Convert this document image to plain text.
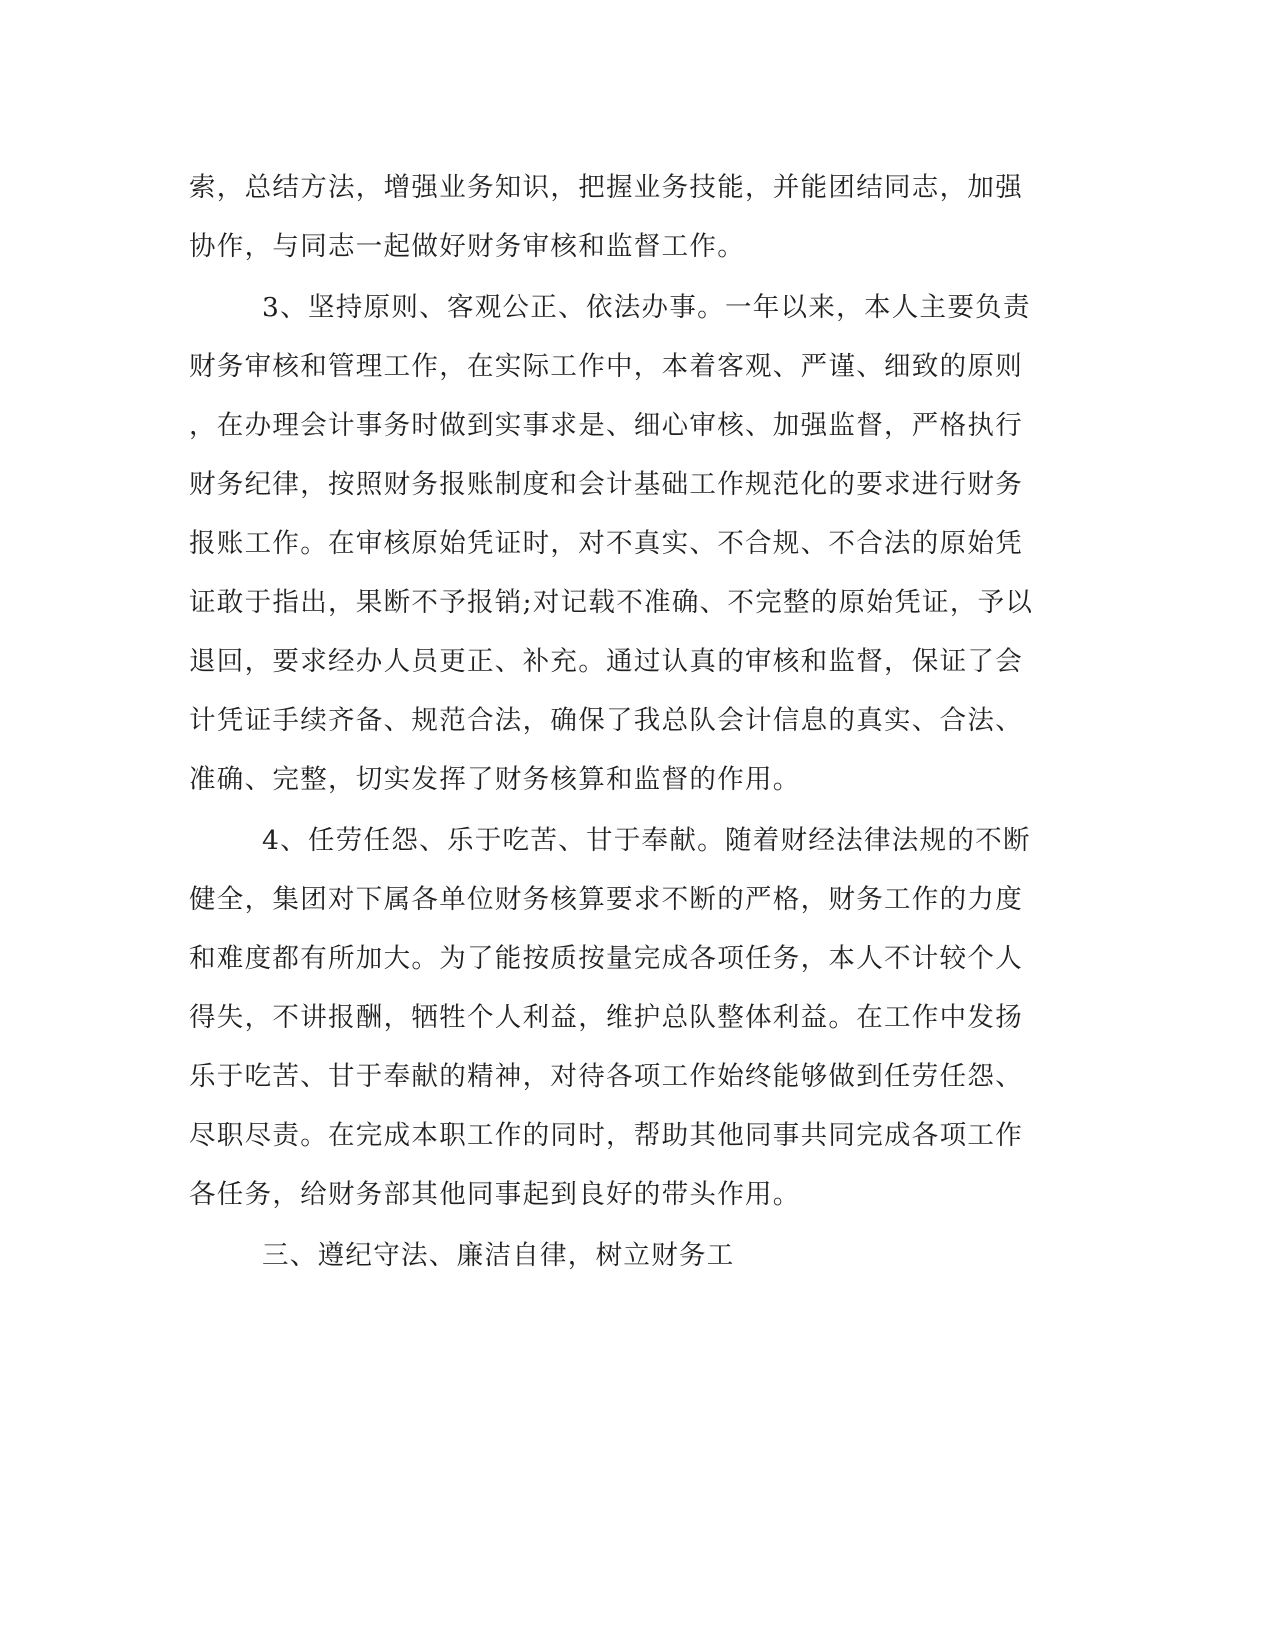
索，总结方法，增强业务知识，把握业务技能，并能团结同志，加强
协作，与同志一起做好财务审核和监督工作。
3、坚持原则、客观公正、依法办事。一年以来，本人主要负责
财务审核和管理工作，在实际工作中，本着客观、严谨、细致的原则
，在办理会计事务时做到实事求是、细心审核、加强监督，严格执行
财务纪律，按照财务报账制度和会计基础工作规范化的要求进行财务
报账工作。在审核原始凭证时，对不真实、不合规、不合法的原始凭
证敢于指出，果断不予报销;对记载不准确、不完整的原始凭证，予以
退回，要求经办人员更正、补充。通过认真的审核和监督，保证了会
计凭证手续齐备、规范合法，确保了我总队会计信息的真实、合法、
准确、完整，切实发挥了财务核算和监督的作用。
4、任劳任怨、乐于吃苦、甘于奉献。随着财经法律法规的不断
健全，集团对下属各单位财务核算要求不断的严格，财务工作的力度
和难度都有所加大。为了能按质按量完成各项任务，本人不计较个人
得失，不讲报酬，牺牲个人利益，维护总队整体利益。在工作中发扬
乐于吃苦、甘于奉献的精神，对待各项工作始终能够做到任劳任怨、
尽职尽责。在完成本职工作的同时，帮助其他同事共同完成各项工作
各任务，给财务部其他同事起到良好的带头作用。
三、遵纪守法、廉洁自律，树立财务工
